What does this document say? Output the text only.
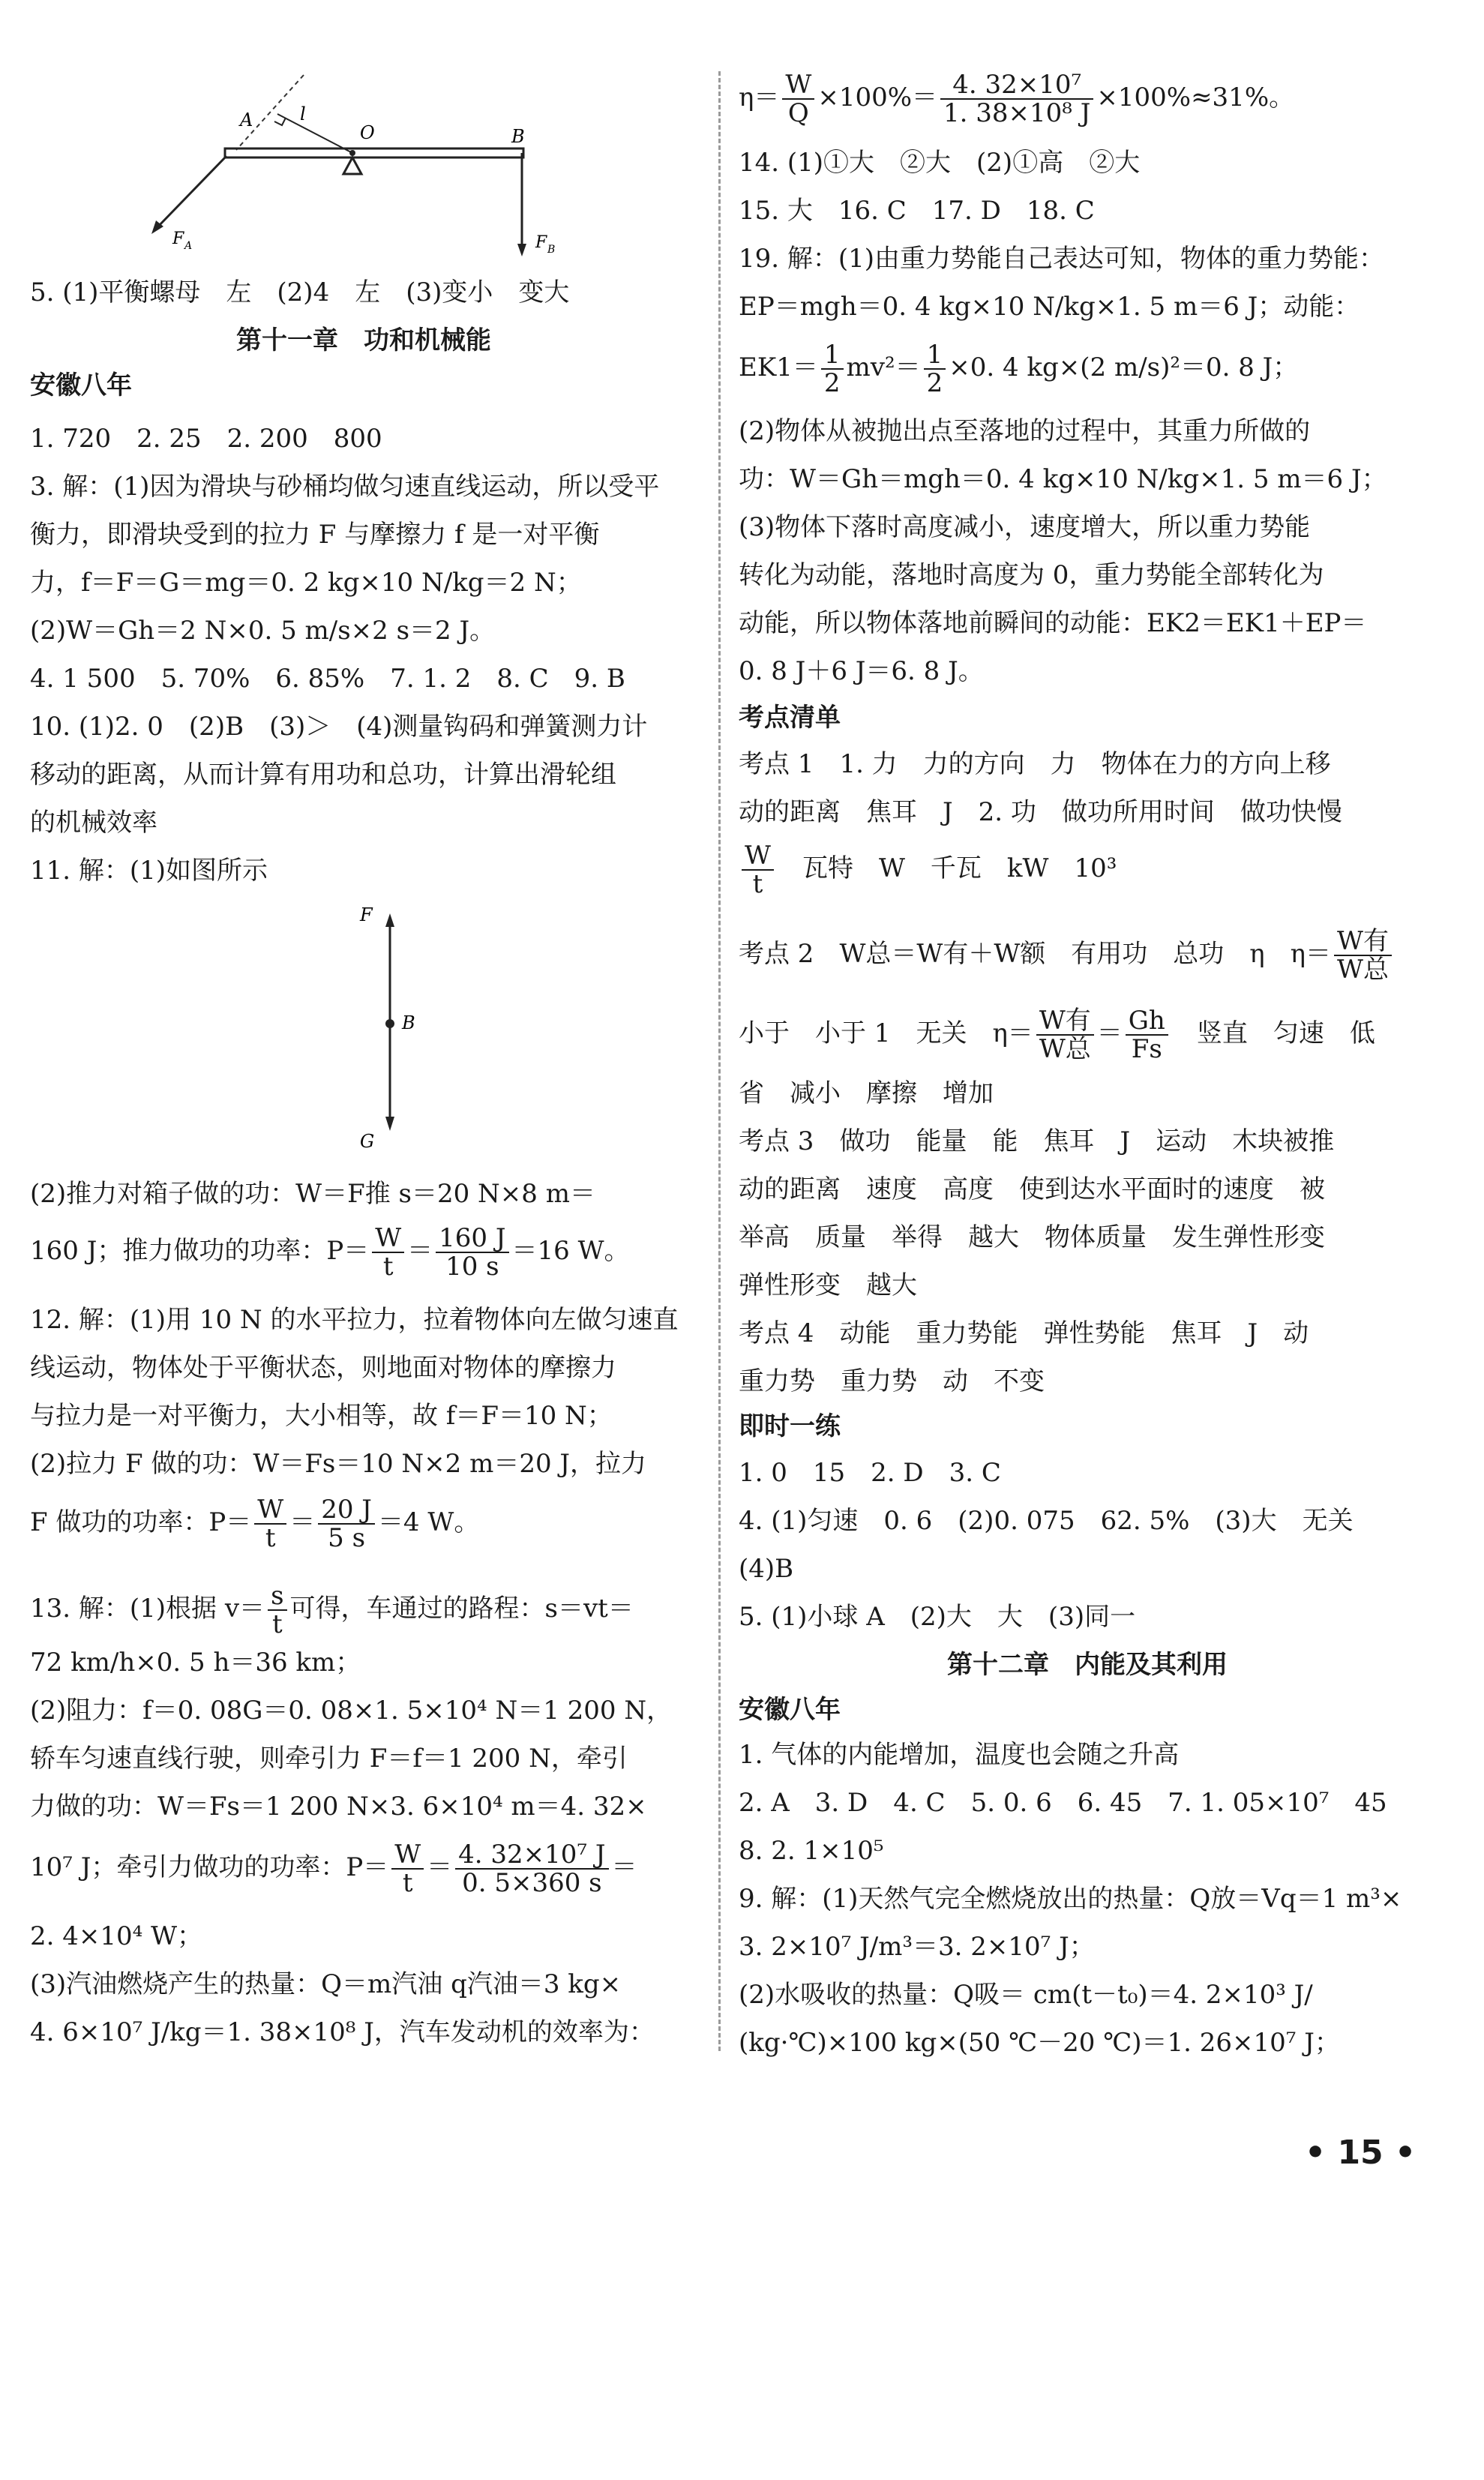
A	l
O	B
F A	F B
5. (1)平衡螺母　左　(2)4　左　(3)变小　变大
第十一章　功和机械能
安徽八年
1. 720　2. 25　2. 200　800
3. 解：(1)因为滑块与砂桶均做匀速直线运动，所以受平
衡力，即滑块受到的拉力 F 与摩擦力 f 是一对平衡
力，f＝F＝G＝mg＝0. 2 kg×10 N/kg＝2 N；
(2)W＝Gh＝2 N×0. 5 m/s×2 s＝2 J。
4. 1 500　5. 70%　6. 85%　7. 1. 2　8. C　9. B
10. (1)2. 0　(2)B　(3)＞　(4)测量钩码和弹簧测力计
移动的距离，从而计算有用功和总功，计算出滑轮组
的机械效率
11. 解：(1)如图所示
F
B
G
(2)推力对箱子做的功：W＝F推 s＝20 N×8 m＝
160 J；推力做功的功率：$P= \frac{W}{t} = \frac{160 J}{10 s} =16$ W。
12. 解：(1)用 10 N 的水平拉力，拉着物体向左做匀速直
线运动，物体处于平衡状态，则地面对物体的摩擦力
与拉力是一对平衡力，大小相等，故 f＝F＝10 N；
(2)拉力 F 做的功：W＝Fs＝10 N×2 m＝20 J，拉力
F 做功的功率：$P= \frac{W}{t} = \frac{20 J}{5 s} =4$ W。
13. 解：(1)根据 $v= \frac{s}{t}$ 可得，车通过的路程：s＝vt＝
72 km/h×0. 5 h＝36 km；
(2)阻力：f＝0. 08G＝0. 08×1. 5×10⁴ N＝1 200 N，
轿车匀速直线行驶，则牵引力 F＝f＝1 200 N，牵引
力做的功：W＝Fs＝1 200 N×3. 6×10⁴ m＝4. 32×
10⁷ J；牵引力做功的功率：$P= \frac{W}{t} = \frac{\text{4. 32×10⁷ J}}{0. 5\times 360 s}$ ＝
2. 4×10⁴ W；
(3)汽油燃烧产生的热量：Q＝m汽油 q汽油＝3 kg×
4. 6×10⁷ J/kg＝1. 38×10⁸ J，汽车发动机的效率为：
$\eta= \frac{W}{Q} \times 100\%= \frac{\text{4. 32×10⁷}}{\text{1. 38×10⁸ J}} \times 100\%\approx 31\%$。
14. (1)①大　②大　(2)①高　②大
15. 大　16. C　17. D　18. C
19. 解：(1)由重力势能自己表达可知，物体的重力势能：
EP＝mgh＝0. 4 kg×10 N/kg×1. 5 m＝6 J；动能：
$EK1= \frac{1}{2} mv^2= \frac{1}{2} \times 0$. 4 kg×(2 m/s)²＝0. 8 J；
(2)物体从被抛出点至落地的过程中，其重力所做的
功：W＝Gh＝mgh＝0. 4 kg×10 N/kg×1. 5 m＝6 J；
(3)物体下落时高度减小，速度增大，所以重力势能
转化为动能，落地时高度为 0，重力势能全部转化为
动能，所以物体落地前瞬间的动能：EK2＝EK1＋EP＝
0. 8 J＋6 J＝6. 8 J。
考点清单
考点 1　1. 力　力的方向　力　物体在力的方向上移
动的距离　焦耳　J　2. 功　做功所用时间　做功快慢
$\frac{W}{t}$
　 瓦特　W　千瓦　kW　10³
考点 2　W总＝W有＋W额　有用功　总功　η　$\eta= \frac{\text{W有}}{\text{W总}}$
小于　小于 1　无关　$\eta= \frac{\text{W有}}{\text{W总}} = \frac{Gh}{Fs}$ 　竖直　匀速　低
省　减小　摩擦　增加
考点 3　做功　能量　能　焦耳　J　运动　木块被推
动的距离　速度　高度　使到达水平面时的速度　被
举高　质量　举得　越大　物体质量　发生弹性形变
弹性形变　越大
考点 4　动能　重力势能　弹性势能　焦耳　J　动
重力势　重力势　动　不变
即时一练
1. 0　15　2. D　3. C
4. (1)匀速　0. 6　(2)0. 075　62. 5%　(3)大　无关
(4)B
5. (1)小球 A　(2)大　大　(3)同一
第十二章　内能及其利用
安徽八年
1. 气体的内能增加，温度也会随之升高
2. A　3. D　4. C　5. 0. 6　6. 45　7. 1. 05×10⁷　45
8. 2. 1×10⁵
9. 解：(1)天然气完全燃烧放出的热量：Q放＝Vq＝1 m³×
3. 2×10⁷ J/m³＝3. 2×10⁷ J；
(2)水吸收的热量：Q吸＝ cm(t－t₀)＝4. 2×10³ J/
(kg·℃)×100 kg×(50 ℃－20 ℃)＝1. 26×10⁷ J；
• 15 •
